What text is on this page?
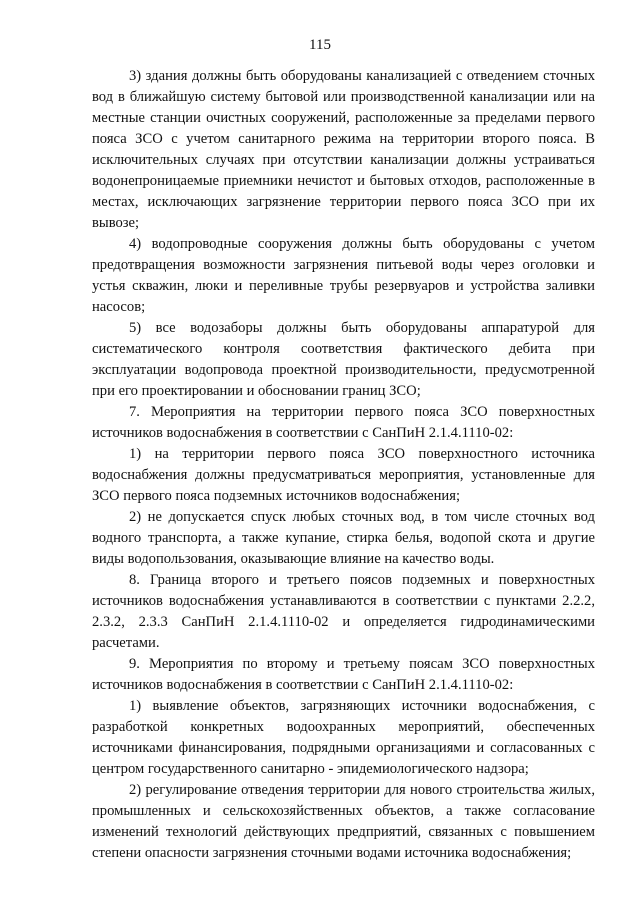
115

3) здания должны быть оборудованы канализацией с отведением сточных вод в ближайшую систему бытовой или производственной канализации или на местные станции очистных сооружений, расположенные за пределами первого пояса ЗСО с учетом санитарного режима на территории второго пояса. В исключительных случаях при отсутствии канализации должны устраиваться водонепроницаемые приемники нечистот и бытовых отходов, расположенные в местах, исключающих загрязнение территории первого пояса ЗСО при их вывозе;

4) водопроводные сооружения должны быть оборудованы с учетом предотвращения возможности загрязнения питьевой воды через оголовки и устья скважин, люки и переливные трубы резервуаров и устройства заливки насосов;

5) все водозаборы должны быть оборудованы аппаратурой для систематического контроля соответствия фактического дебита при эксплуатации водопровода проектной производительности, предусмотренной при его проектировании и обосновании границ ЗСО;

7. Мероприятия на территории первого пояса ЗСО поверхностных источников водоснабжения в соответствии с СанПиН 2.1.4.1110-02:

1) на территории первого пояса ЗСО поверхностного источника водоснабжения должны предусматриваться мероприятия, установленные для ЗСО первого пояса подземных источников водоснабжения;

2) не допускается спуск любых сточных вод, в том числе сточных вод водного транспорта, а также купание, стирка белья, водопой скота и другие виды водопользования, оказывающие влияние на качество воды.

8. Граница второго и третьего поясов подземных и поверхностных источников водоснабжения устанавливаются в соответствии с пунктами 2.2.2, 2.3.2, 2.3.3 СанПиН 2.1.4.1110-02 и определяется гидродинамическими расчетами.

9. Мероприятия по второму и третьему поясам ЗСО поверхностных источников водоснабжения в соответствии с СанПиН 2.1.4.1110-02:

1) выявление объектов, загрязняющих источники водоснабжения, с разработкой конкретных водоохранных мероприятий, обеспеченных источниками финансирования, подрядными организациями и согласованных с центром государственного санитарно - эпидемиологического надзора;

2) регулирование отведения территории для нового строительства жилых, промышленных и сельскохозяйственных объектов, а также согласование изменений технологий действующих предприятий, связанных с повышением степени опасности загрязнения сточными водами источника водоснабжения;
